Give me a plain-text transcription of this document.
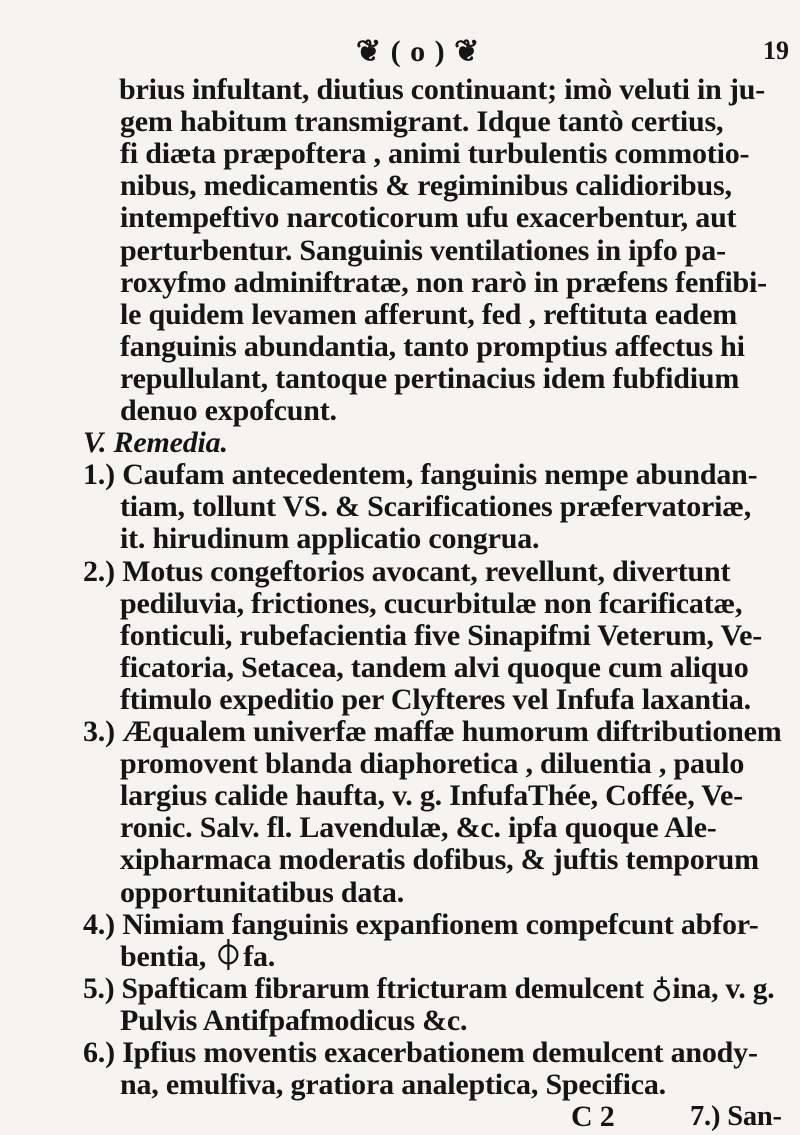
❦ ( o ) ❦	19
brius infultant, diutius continuant; imò veluti in ju-
gem habitum transmigrant. Idque tantò certius,
fi diæta præpoftera , animi turbulentis commotio-
nibus, medicamentis & regiminibus calidioribus,
intempeftivo narcoticorum ufu exacerbentur, aut
perturbentur. Sanguinis ventilationes in ipfo pa-
roxyfmo adminiftratæ, non rarò in præfens fenfibi-
le quidem levamen afferunt, fed , reftituta eadem
fanguinis abundantia, tanto promptius affectus hi
repullulant, tantoque pertinacius idem fubfidium
denuo expofcunt.
V. Remedia.
1.) Caufam antecedentem, fanguinis nempe abundan-
tiam, tollunt VS. & Scarificationes præfervatoriæ,
it. hirudinum applicatio congrua.
2.) Motus congeftorios avocant, revellunt, divertunt
pediluvia, frictiones, cucurbitulæ non fcarificatæ,
fonticuli, rubefacientia five Sinapifmi Veterum, Ve-
ficatoria, Setacea, tandem alvi quoque cum aliquo
ftimulo expeditio per Clyfteres vel Infufa laxantia.
3.) Æqualem univerfæ maffæ humorum diftributionem
promovent blanda diaphoretica , diluentia , paulo
largius calide haufta, v. g. InfufaThée, Coffée, Ve-
ronic. Salv. fl. Lavendulæ, &c. ipfa quoque Ale-
xipharmaca moderatis dofibus, & juftis temporum
opportunitatibus data.
4.) Nimiam fanguinis expanfionem compefcunt abfor-
bentia, ⏀fa.
5.) Spafticam fibrarum ftricturam demulcent ♁ina, v. g.
Pulvis Antifpafmodicus &c.
6.) Ipfius moventis exacerbationem demulcent anody-
na, emulfiva, gratiora analeptica, Specifica.
C 2	7.) San-
